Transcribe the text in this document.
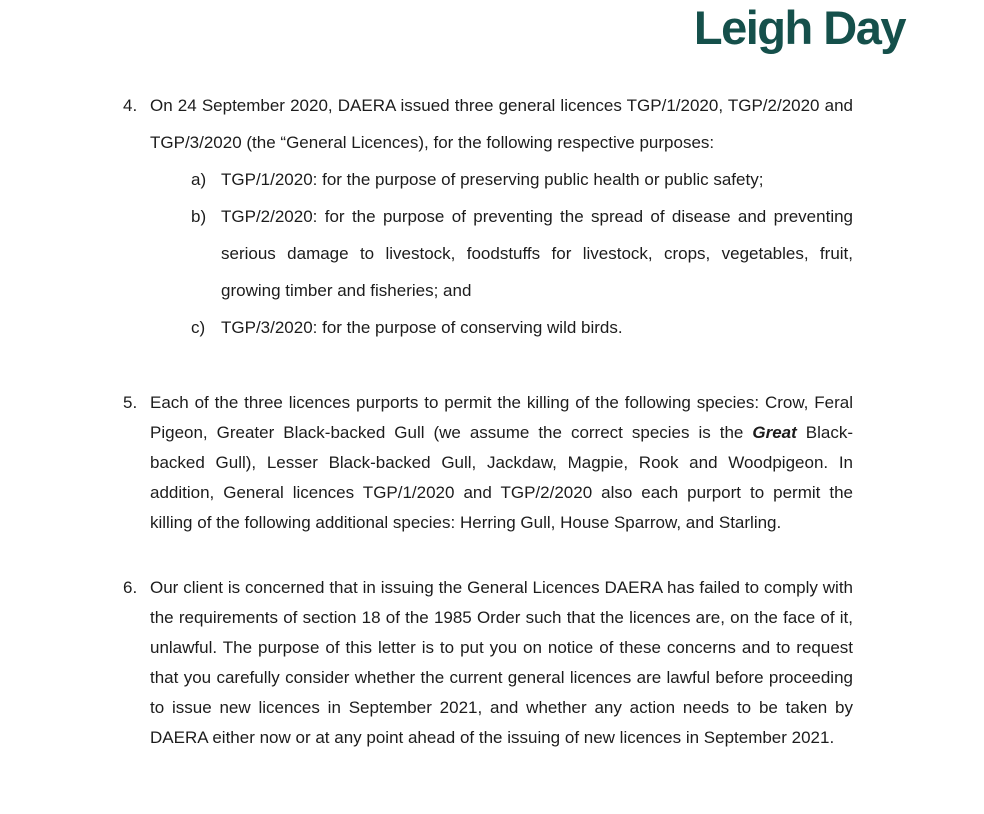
Leigh Day
4. On 24 September 2020, DAERA issued three general licences TGP/1/2020, TGP/2/2020 and TGP/3/2020 (the “General Licences), for the following respective purposes:
a) TGP/1/2020: for the purpose of preserving public health or public safety;
b) TGP/2/2020: for the purpose of preventing the spread of disease and preventing serious damage to livestock, foodstuffs for livestock, crops, vegetables, fruit, growing timber and fisheries; and
c) TGP/3/2020: for the purpose of conserving wild birds.
5. Each of the three licences purports to permit the killing of the following species: Crow, Feral Pigeon, Greater Black-backed Gull (we assume the correct species is the Great Black-backed Gull), Lesser Black-backed Gull, Jackdaw, Magpie, Rook and Woodpigeon. In addition, General licences TGP/1/2020 and TGP/2/2020 also each purport to permit the killing of the following additional species: Herring Gull, House Sparrow, and Starling.
6. Our client is concerned that in issuing the General Licences DAERA has failed to comply with the requirements of section 18 of the 1985 Order such that the licences are, on the face of it, unlawful. The purpose of this letter is to put you on notice of these concerns and to request that you carefully consider whether the current general licences are lawful before proceeding to issue new licences in September 2021, and whether any action needs to be taken by DAERA either now or at any point ahead of the issuing of new licences in September 2021.
